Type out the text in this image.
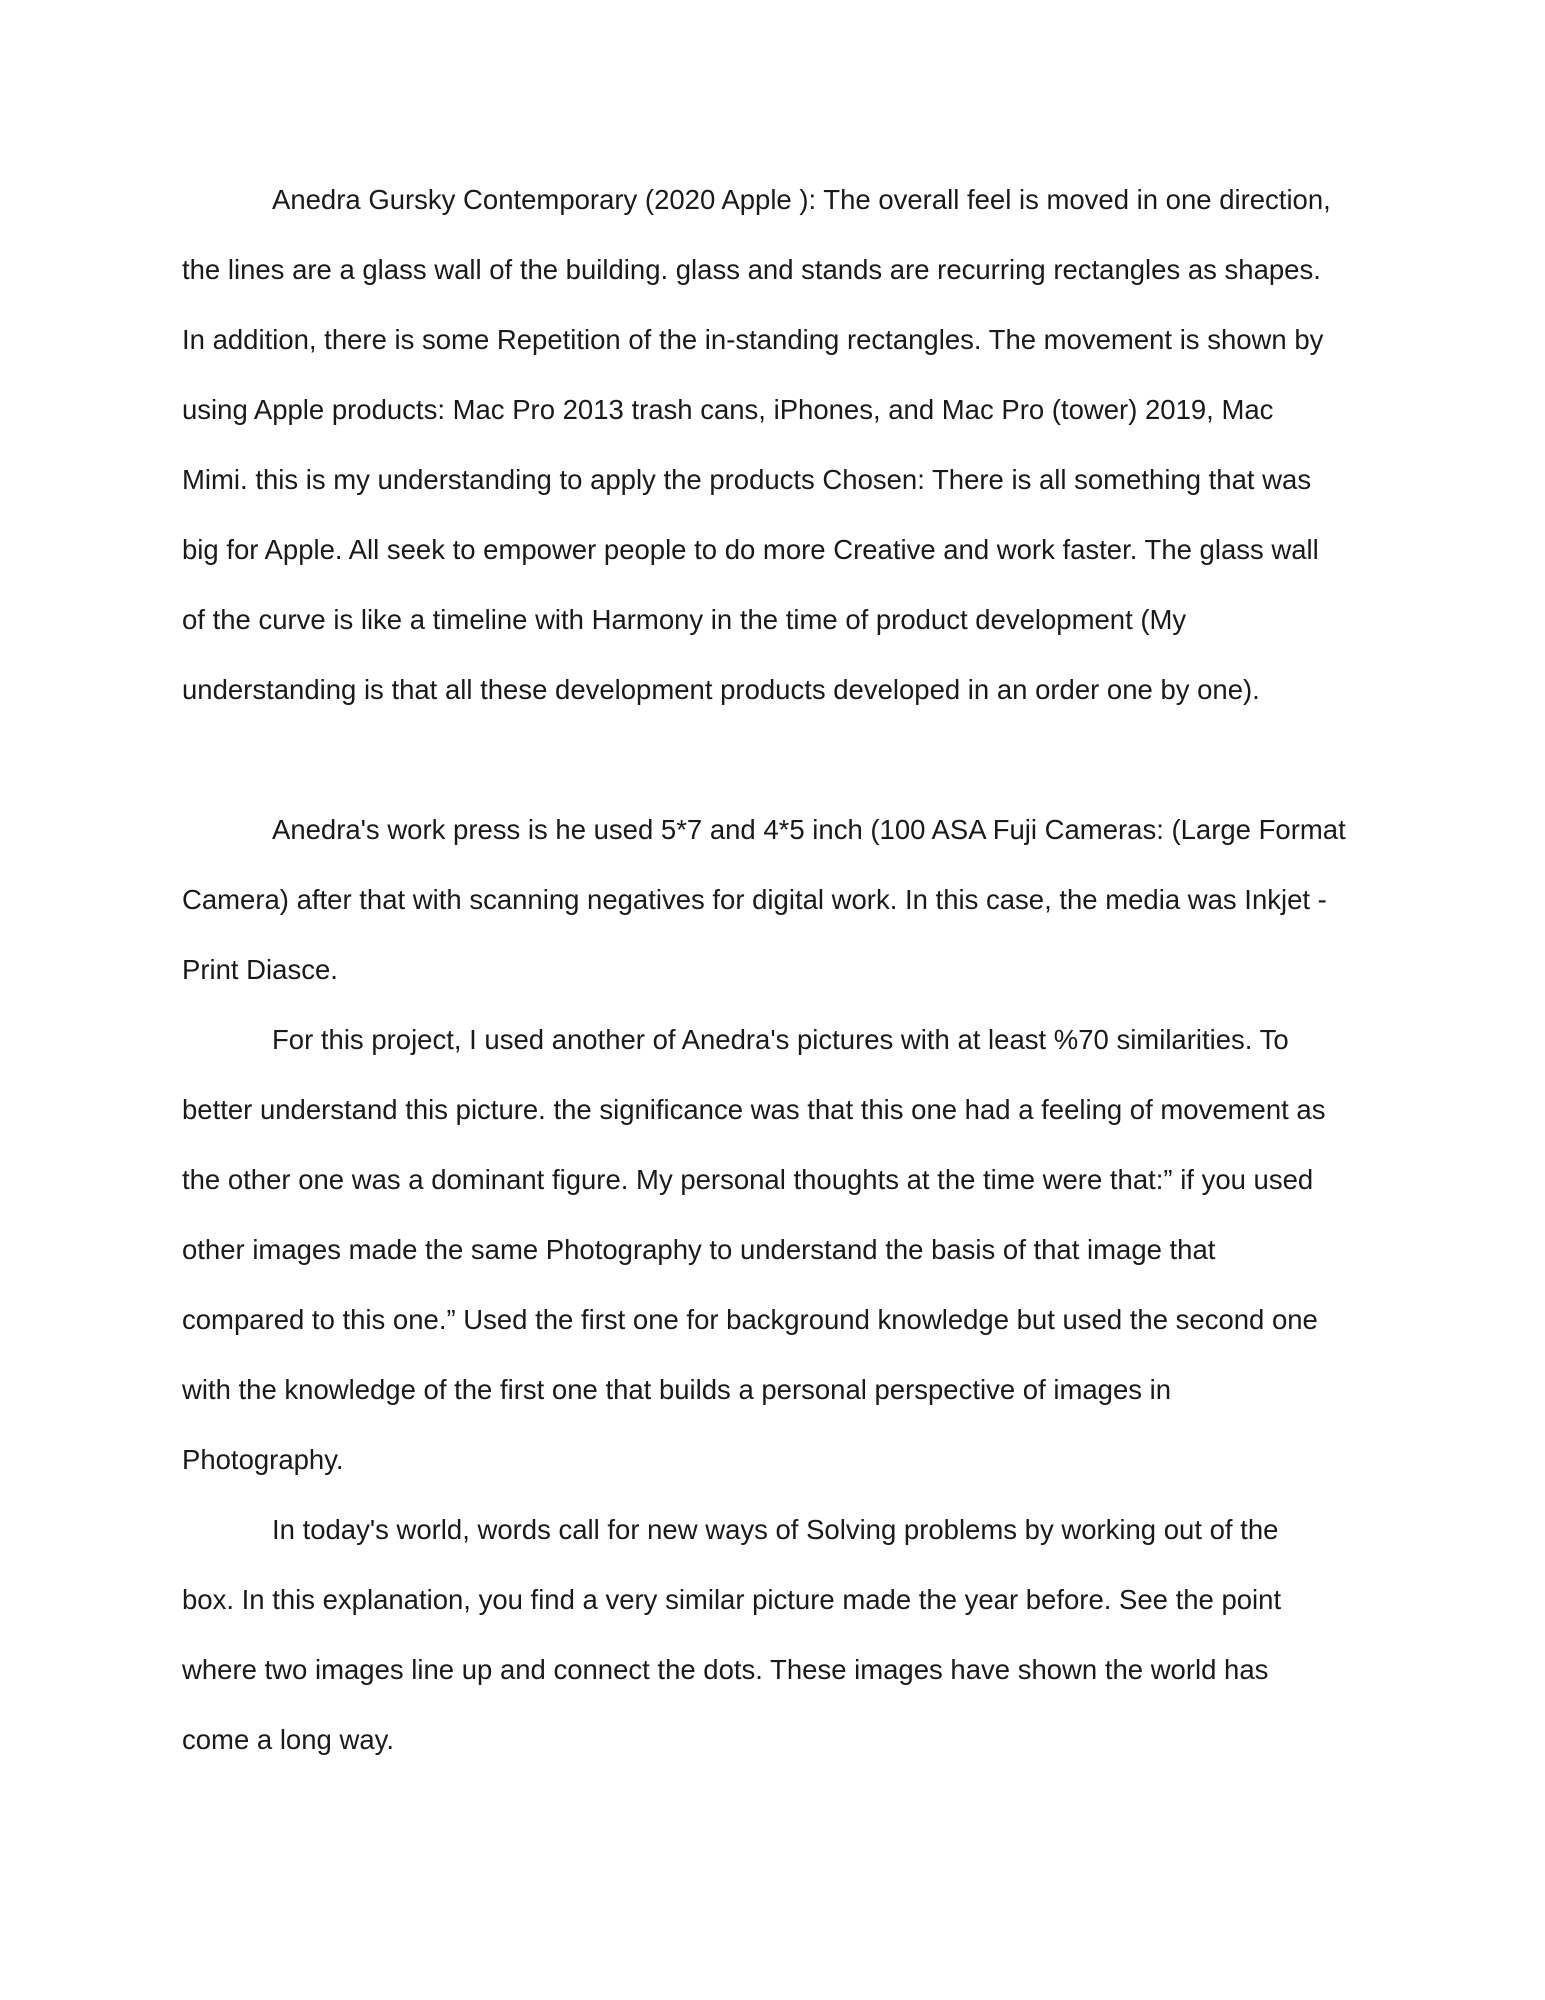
Anedra Gursky Contemporary (2020 Apple ): The overall feel is moved in one direction,
the lines are a glass wall of the building. glass and stands are recurring rectangles as shapes.
In addition, there is some Repetition of the in-standing rectangles. The movement is shown by
using Apple products: Mac Pro 2013 trash cans, iPhones, and Mac Pro (tower) 2019, Mac
Mimi. this is my understanding to apply the products Chosen: There is all something that was
big for Apple. All seek to empower people to do more Creative and work faster. The glass wall
of the curve is like a timeline with Harmony in the time of product development (My
understanding is that all these development products developed in an order one by one).
Anedra's work press is he used 5*7 and 4*5 inch (100 ASA Fuji Cameras: (Large Format
Camera) after that with scanning negatives for digital work. In this case, the media was Inkjet -
Print Diasce.
For this project, I used another of Anedra's pictures with at least %70 similarities. To
better understand this picture. the significance was that this one had a feeling of movement as
the other one was a dominant figure. My personal thoughts at the time were that:” if you used
other images made the same Photography to understand the basis of that image that
compared to this one.” Used the first one for background knowledge but used the second one
with the knowledge of the first one that builds a personal perspective of images in
Photography.
In today's world, words call for new ways of Solving problems by working out of the
box. In this explanation, you find a very similar picture made the year before. See the point
where two images line up and connect the dots. These images have shown the world has
come a long way.
